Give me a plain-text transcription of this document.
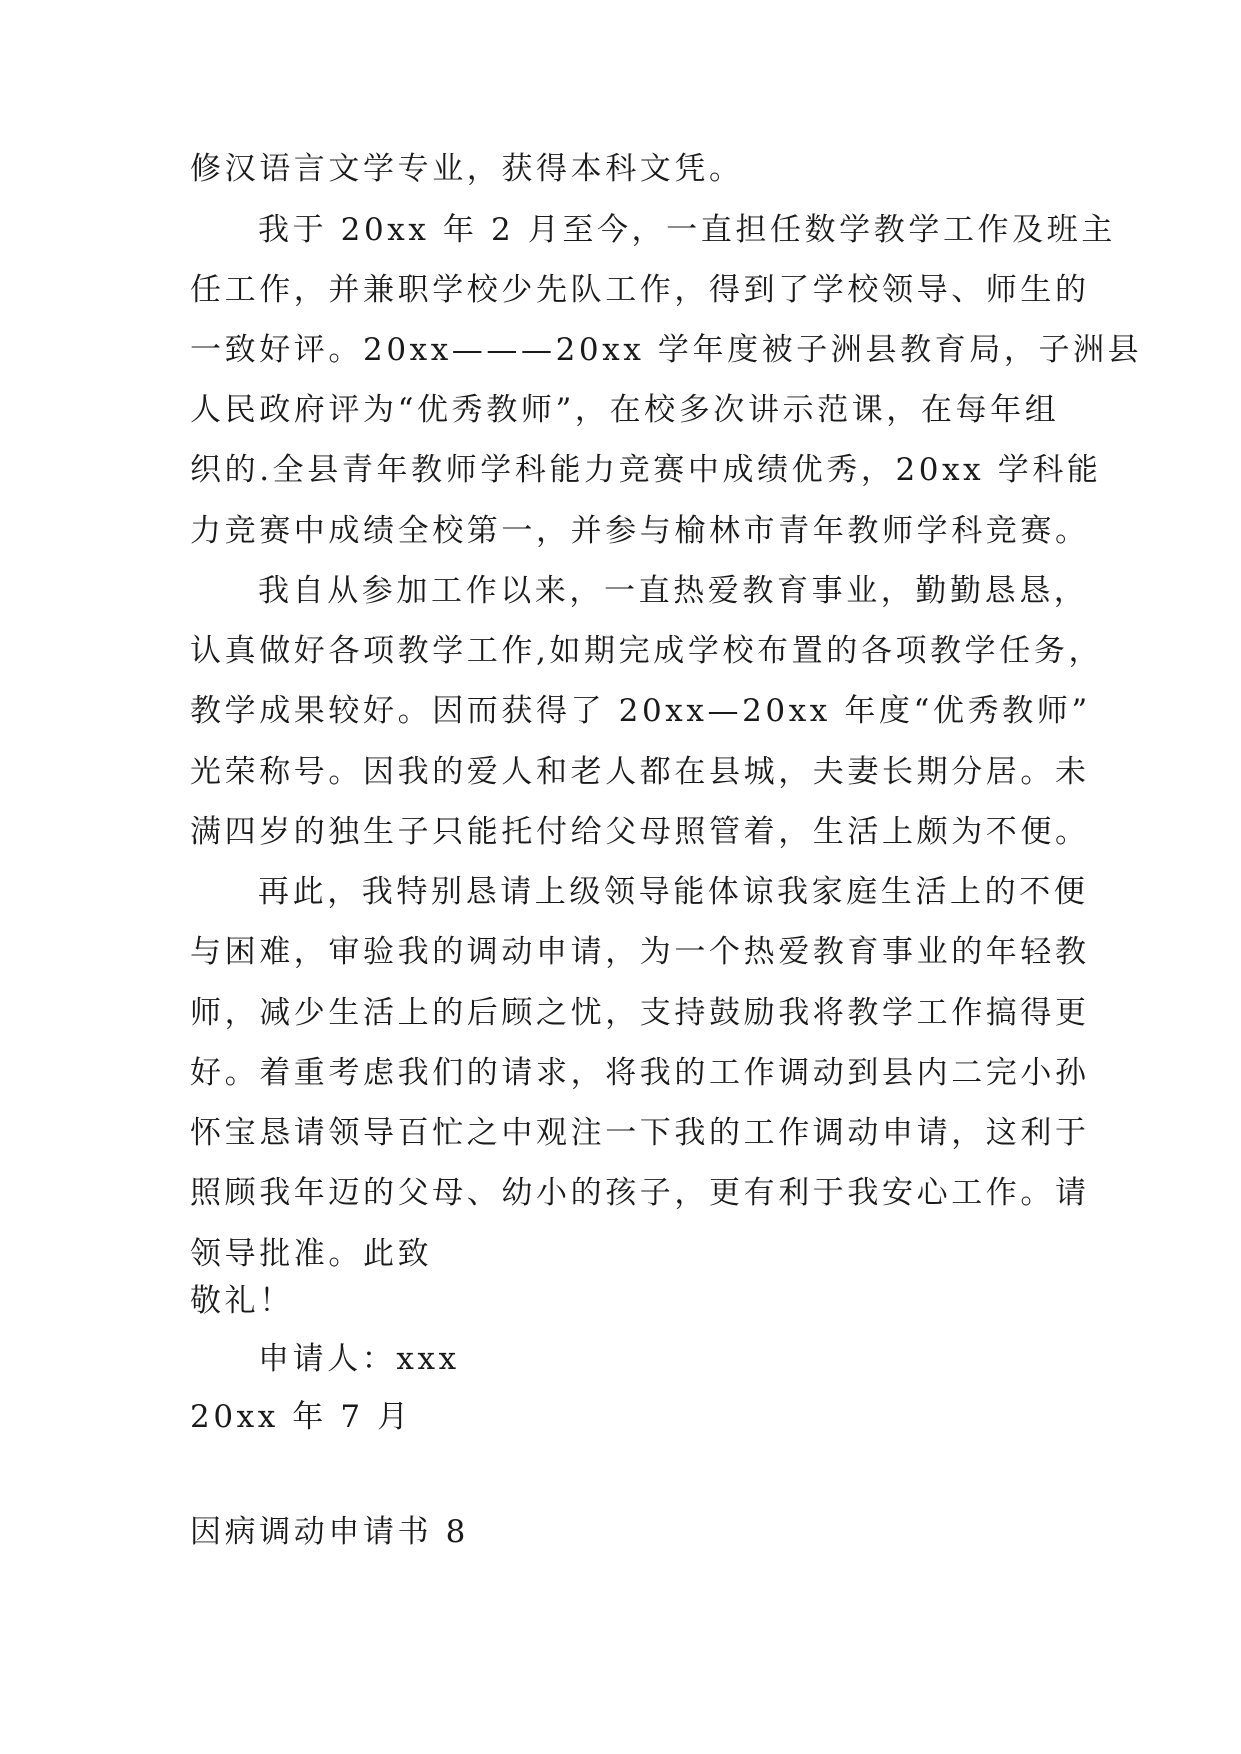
修汉语言文学专业，获得本科文凭。
我于 20xx 年 2 月至今，一直担任数学教学工作及班主
任工作，并兼职学校少先队工作，得到了学校领导、师生的
一致好评。20xx———20xx 学年度被子洲县教育局，子洲县
人民政府评为“优秀教师”，在校多次讲示范课，在每年组
织的.全县青年教师学科能力竞赛中成绩优秀，20xx 学科能
力竞赛中成绩全校第一，并参与榆林市青年教师学科竞赛。
我自从参加工作以来，一直热爱教育事业，勤勤恳恳，
认真做好各项教学工作,如期完成学校布置的各项教学任务，
教学成果较好。因而获得了 20xx—20xx 年度“优秀教师”
光荣称号。因我的爱人和老人都在县城，夫妻长期分居。未
满四岁的独生子只能托付给父母照管着，生活上颇为不便。
再此，我特别恳请上级领导能体谅我家庭生活上的不便
与困难，审验我的调动申请，为一个热爱教育事业的年轻教
师，减少生活上的后顾之忧，支持鼓励我将教学工作搞得更
好。着重考虑我们的请求，将我的工作调动到县内二完小孙
怀宝恳请领导百忙之中观注一下我的工作调动申请，这利于
照顾我年迈的父母、幼小的孩子，更有利于我安心工作。请
领导批准。此致
敬礼！
申请人：xxx
20xx 年 7 月
因病调动申请书 8
